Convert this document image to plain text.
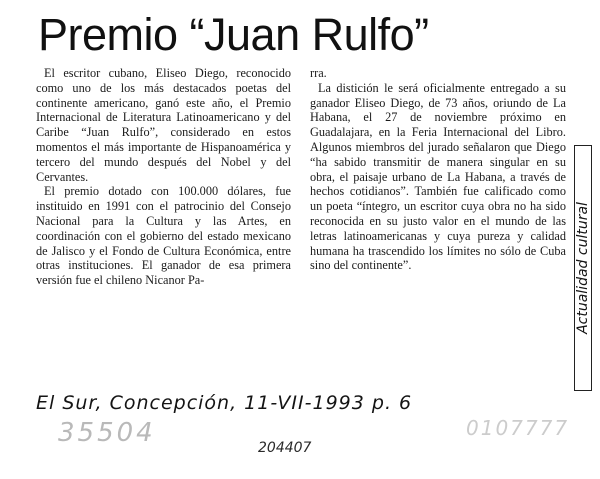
Premio “Juan Rulfo”

El escritor cubano, Eliseo Diego, reconocido como uno de los más destacados poetas del continente americano, ganó este año, el Premio Internacional de Literatura Latinoamericano y del Caribe “Juan Rulfo”, considerado en estos momentos el más importante de Hispanoamérica y tercero del mundo después del Nobel y del Cervantes.

El premio dotado con 100.000 dólares, fue instituido en 1991 con el patrocinio del Consejo Nacional para la Cultura y las Artes, en coordinación con el gobierno del estado mexicano de Jalisco y el Fondo de Cultura Económica, entre otras instituciones. El ganador de esa primera versión fue el chileno Nicanor Pa-

rra.

La distición le será oficialmente entregado a su ganador Eliseo Diego, de 73 años, oriundo de La Habana, el 27 de noviembre próximo en Guadalajara, en la Feria Internacional del Libro. Algunos miembros del jurado señalaron que Diego “ha sabido transmitir de manera singular en su obra, el paisaje urbano de La Habana, a través de hechos cotidianos”. También fue calificado como un poeta “íntegro, un escritor cuya obra no ha sido reconocida en su justo valor en el mundo de las letras latinoamericanas y cuya pureza y calidad humana ha trascendido los límites no sólo de Cuba sino del continente”.	Actualidad cultural
El Sur, Concepción, 11-VII-1993 p. 6
35504	204407
0107777
